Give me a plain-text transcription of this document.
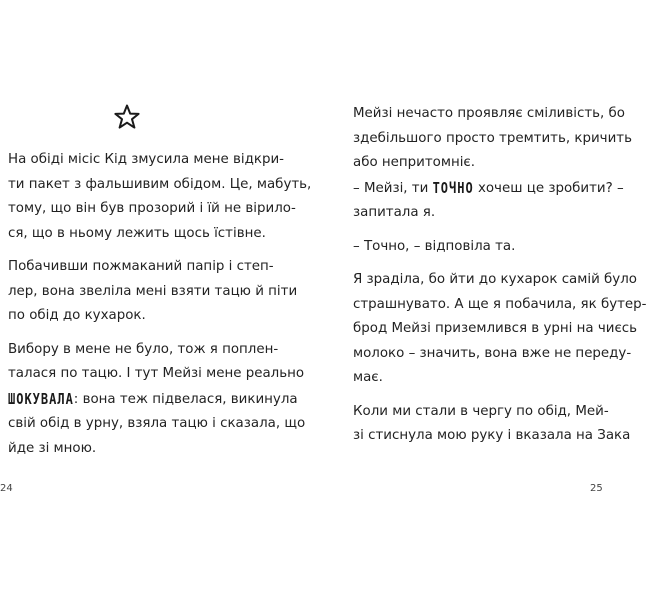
На обіді місіс Кід змусила мене відкри-
ти пакет з фальшивим обідом. Це, мабуть,
тому, що він був прозорий і їй не вірило-
ся, що в ньому лежить щось їстівне.

Побачивши пожмаканий папір і степ-
лер, вона звеліла мені взяти тацю й піти
по обід до кухарок.

Вибору в мене не було, тож я поплен-
талася по тацю. І тут Мейзі мене реально
ШОКУВАЛА: вона теж підвелася, викинула
свій обід в урну, взяла тацю і сказала, що
йде зі мною.

24

Мейзі нечасто проявляє сміливість, бо
здебільшого просто тремтить, кричить
або непритомніє.

– Мейзі, ти ТОЧНО хочеш це зробити? –
запитала я.

– Точно, – відповіла та.

Я зраділа, бо йти до кухарок самій було
страшнувато. А ще я побачила, як бутер-
брод Мейзі приземлився в урні на чиєсь
молоко – значить, вона вже не переду-
має.

Коли ми стали в чергу по обід, Мей-
зі стиснула мою руку і вказала на Зака

25
